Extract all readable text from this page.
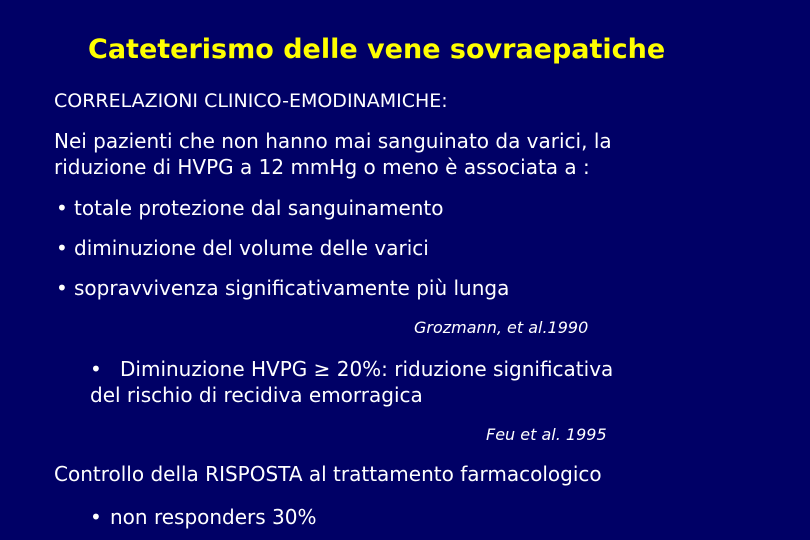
Cateterismo delle vene sovraepatiche
CORRELAZIONI CLINICO-EMODINAMICHE:
Nei pazienti che non hanno mai sanguinato da varici, la
riduzione di HVPG a 12 mmHg o meno è associata a :
• totale protezione dal sanguinamento
• diminuzione del volume delle varici
• sopravvivenza significativamente più lunga
Grozmann, et al.1990
• Diminuzione HVPG ≥ 20%: riduzione significativa
del rischio di recidiva emorragica
Feu et al. 1995
Controllo della RISPOSTA al trattamento farmacologico
• non responders 30%
